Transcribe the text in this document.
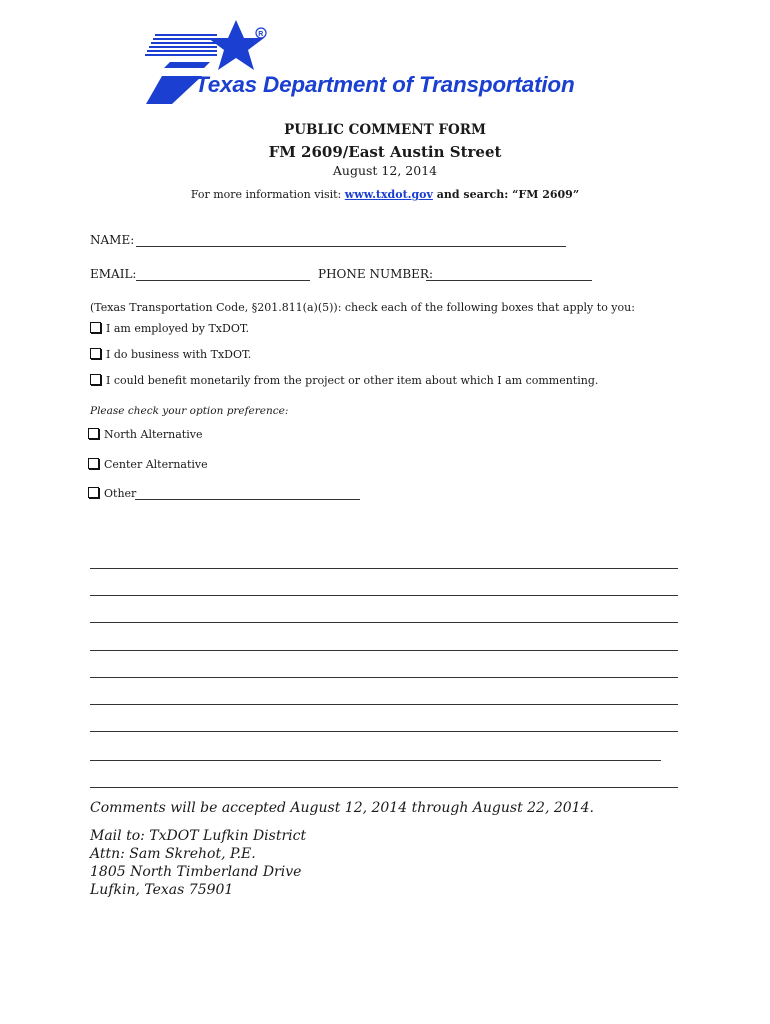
R
Texas Department of Transportation
PUBLIC COMMENT FORM
FM 2609/East Austin Street
August 12, 2014
For more information visit: www.txdot.gov and search: “FM 2609”
NAME:
EMAIL:	PHONE NUMBER:
(Texas Transportation Code, §201.811(a)(5)): check each of the following boxes that apply to you:
I am employed by TxDOT.
I do business with TxDOT.
I could benefit monetarily from the project or other item about which I am commenting.
Please check your option preference:
North Alternative
Center Alternative
Other
Comments will be accepted August 12, 2014 through August 22, 2014.
Mail to: TxDOT Lufkin District
Attn: Sam Skrehot, P.E.
1805 North Timberland Drive
Lufkin, Texas 75901
